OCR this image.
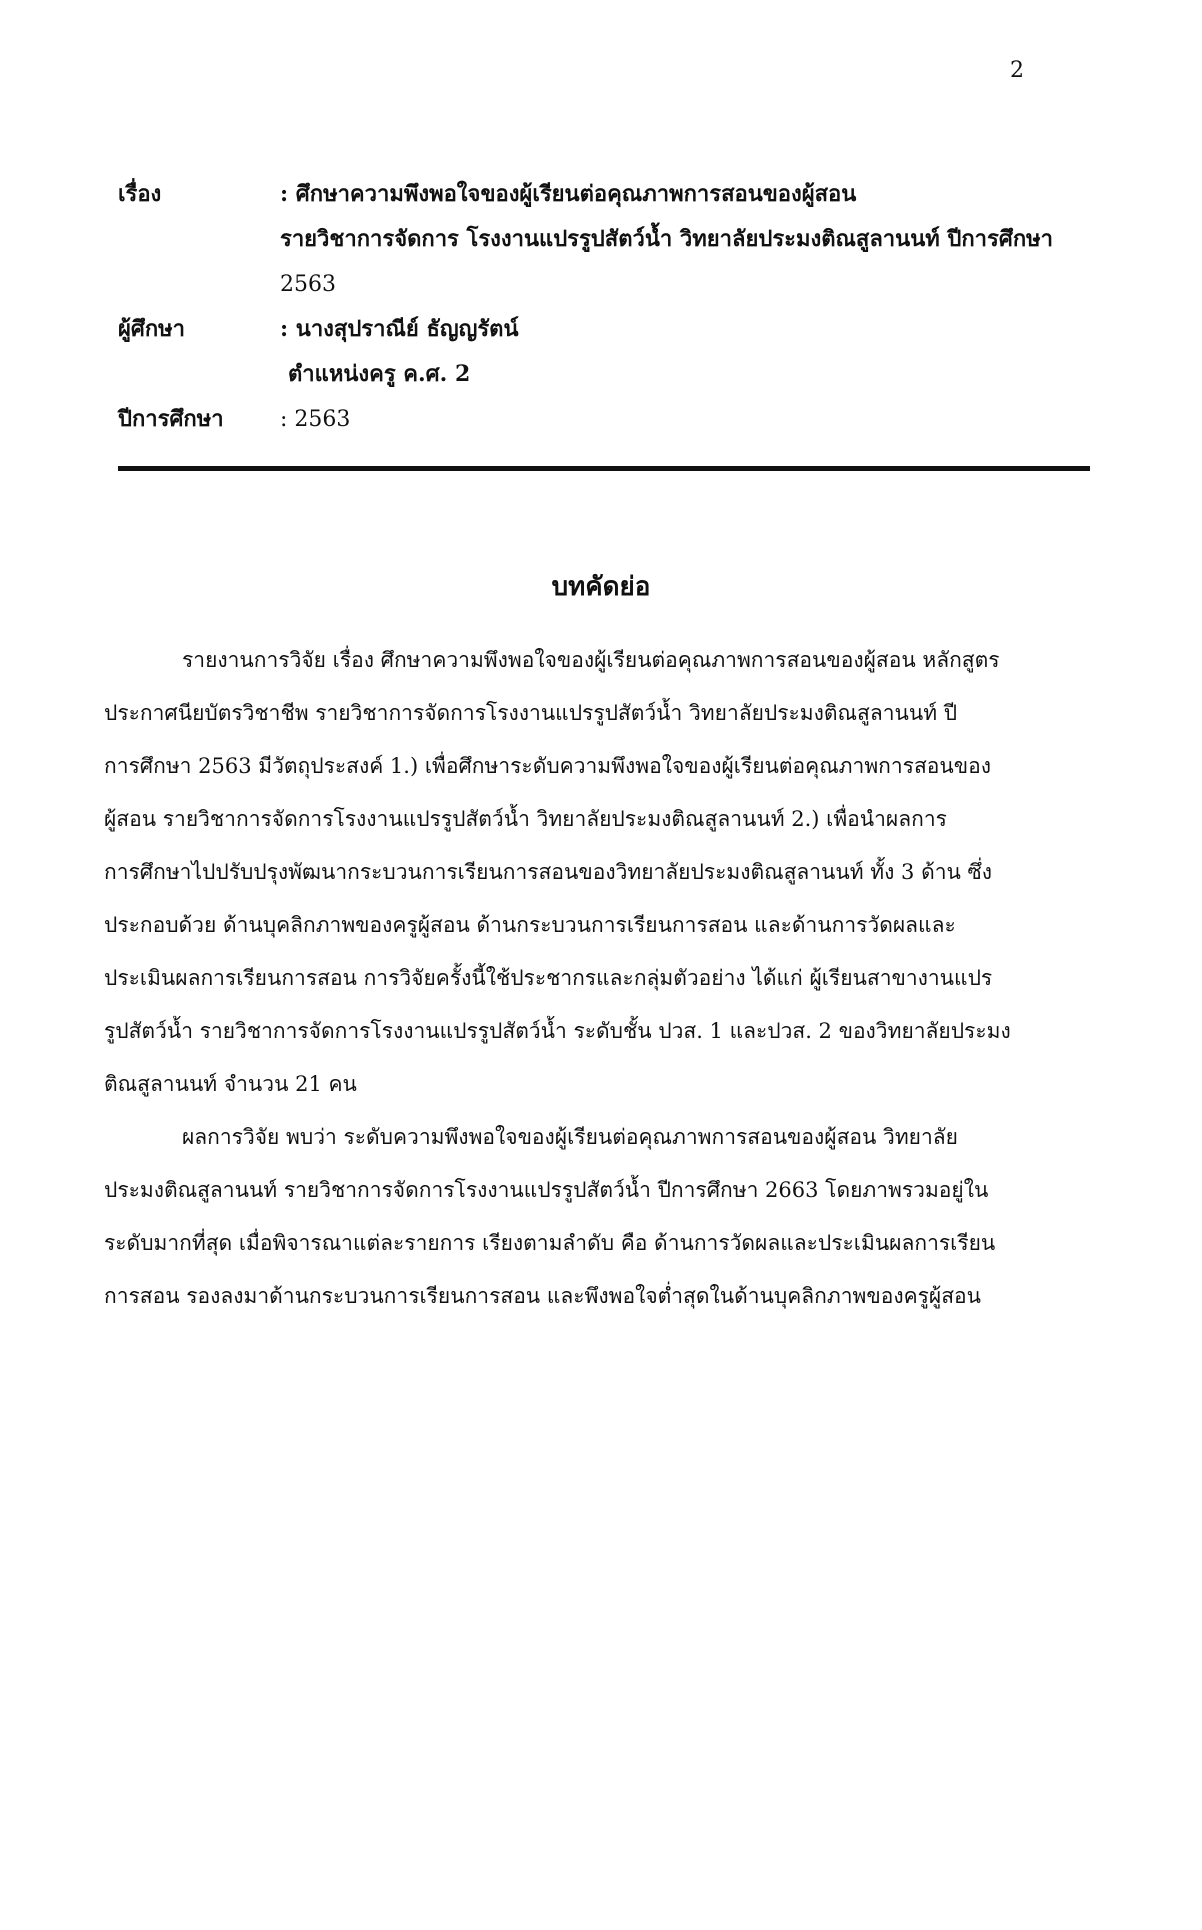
2
เรื่อง	: ศึกษาความพึงพอใจของผู้เรียนต่อคุณภาพการสอนของผู้สอน
รายวิชาการจัดการ โรงงานแปรรูปสัตว์น้ำ วิทยาลัยประมงติณสูลานนท์ ปีการศึกษา
2563
ผู้ศึกษา	: นางสุปราณีย์ ธัญญรัตน์
ตำแหน่งครู ค.ศ. 2
ปีการศึกษา	: 2563
บทคัดย่อ
รายงานการวิจัย เรื่อง ศึกษาความพึงพอใจของผู้เรียนต่อคุณภาพการสอนของผู้สอน หลักสูตร
ประกาศนียบัตรวิชาชีพ รายวิชาการจัดการโรงงานแปรรูปสัตว์น้ำ วิทยาลัยประมงติณสูลานนท์ ปี
การศึกษา 2563 มีวัตถุประสงค์ 1.) เพื่อศึกษาระดับความพึงพอใจของผู้เรียนต่อคุณภาพการสอนของ
ผู้สอน รายวิชาการจัดการโรงงานแปรรูปสัตว์น้ำ วิทยาลัยประมงติณสูลานนท์ 2.) เพื่อนำผลการ
การศึกษาไปปรับปรุงพัฒนากระบวนการเรียนการสอนของวิทยาลัยประมงติณสูลานนท์ ทั้ง 3 ด้าน ซึ่ง
ประกอบด้วย ด้านบุคลิกภาพของครูผู้สอน ด้านกระบวนการเรียนการสอน และด้านการวัดผลและ
ประเมินผลการเรียนการสอน การวิจัยครั้งนี้ใช้ประชากรและกลุ่มตัวอย่าง ได้แก่ ผู้เรียนสาขางานแปร
รูปสัตว์น้ำ รายวิชาการจัดการโรงงานแปรรูปสัตว์น้ำ ระดับชั้น ปวส. 1 และปวส. 2 ของวิทยาลัยประมง
ติณสูลานนท์ จำนวน 21 คน
ผลการวิจัย พบว่า ระดับความพึงพอใจของผู้เรียนต่อคุณภาพการสอนของผู้สอน วิทยาลัย
ประมงติณสูลานนท์ รายวิชาการจัดการโรงงานแปรรูปสัตว์น้ำ ปีการศึกษา 2663 โดยภาพรวมอยู่ใน
ระดับมากที่สุด เมื่อพิจารณาแต่ละรายการ เรียงตามลำดับ คือ ด้านการวัดผลและประเมินผลการเรียน
การสอน รองลงมาด้านกระบวนการเรียนการสอน และพึงพอใจต่ำสุดในด้านบุคลิกภาพของครูผู้สอน
